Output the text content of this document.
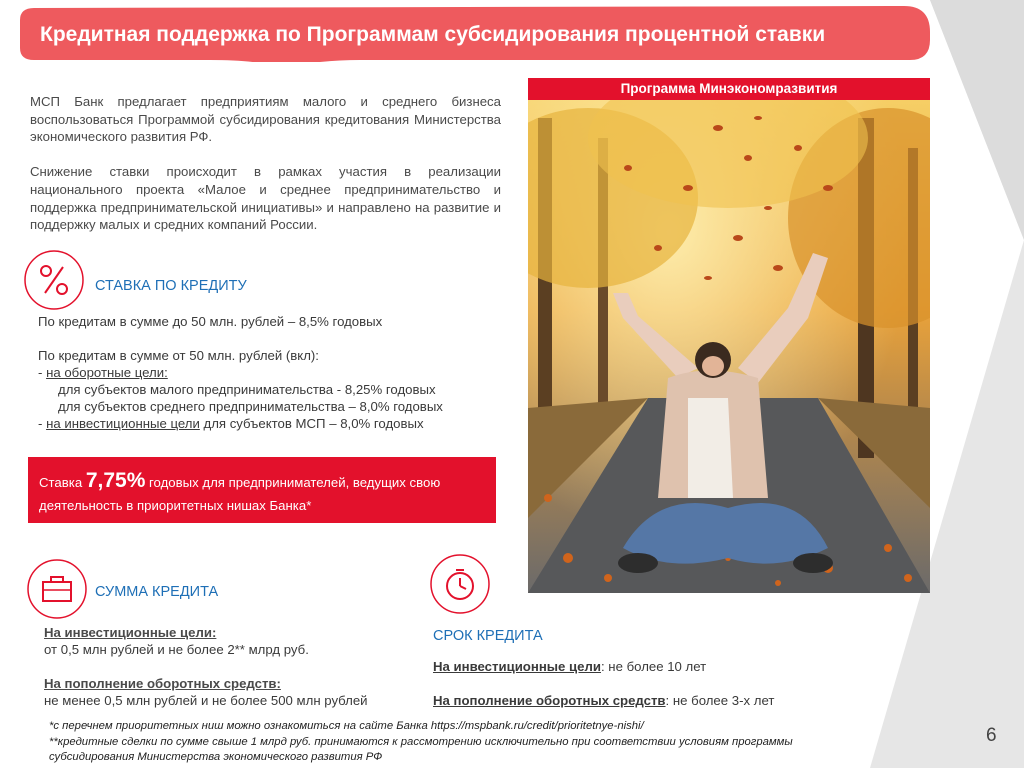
Кредитная поддержка по Программам субсидирования процентной ставки

МСП Банк предлагает предприятиям малого и среднего бизнеса воспользоваться Программой субсидирования кредитования Министерства экономического развития РФ.

Снижение ставки происходит в рамках участия в реализации национального проекта «Малое и среднее предпринимательство и поддержка предпринимательской инициативы» и направлено на развитие и поддержку малых и средних компаний России.

Программа Минэкономразвития
СТАВКА ПО КРЕДИТУ
По кредитам в сумме до 50 млн. рублей – 8,5% годовых
По кредитам в сумме от 50 млн. рублей (вкл):
- на оборотные цели:
для субъектов малого предпринимательства - 8,25% годовых
для субъектов среднего предпринимательства – 8,0% годовых
- на инвестиционные цели для субъектов МСП – 8,0% годовых
Ставка 7,75% годовых для предпринимателей, ведущих свою
деятельность в приоритетных нишах Банка*
СУММА КРЕДИТА
На инвестиционные цели:
от 0,5 млн рублей и не более 2** млрд руб.
На пополнение оборотных средств:
не менее 0,5 млн рублей и не более 500 млн рублей
СРОК КРЕДИТА
На инвестиционные цели: не более 10 лет
На пополнение оборотных средств: не более 3-х лет
*с перечнем приоритетных ниш можно ознакомиться на сайте Банка https://mspbank.ru/credit/prioritetnye-nishi/
**кредитные сделки по сумме свыше 1 млрд руб. принимаются к рассмотрению исключительно при соответствии условиям программы
субсидирования Министерства экономического развития РФ
6
